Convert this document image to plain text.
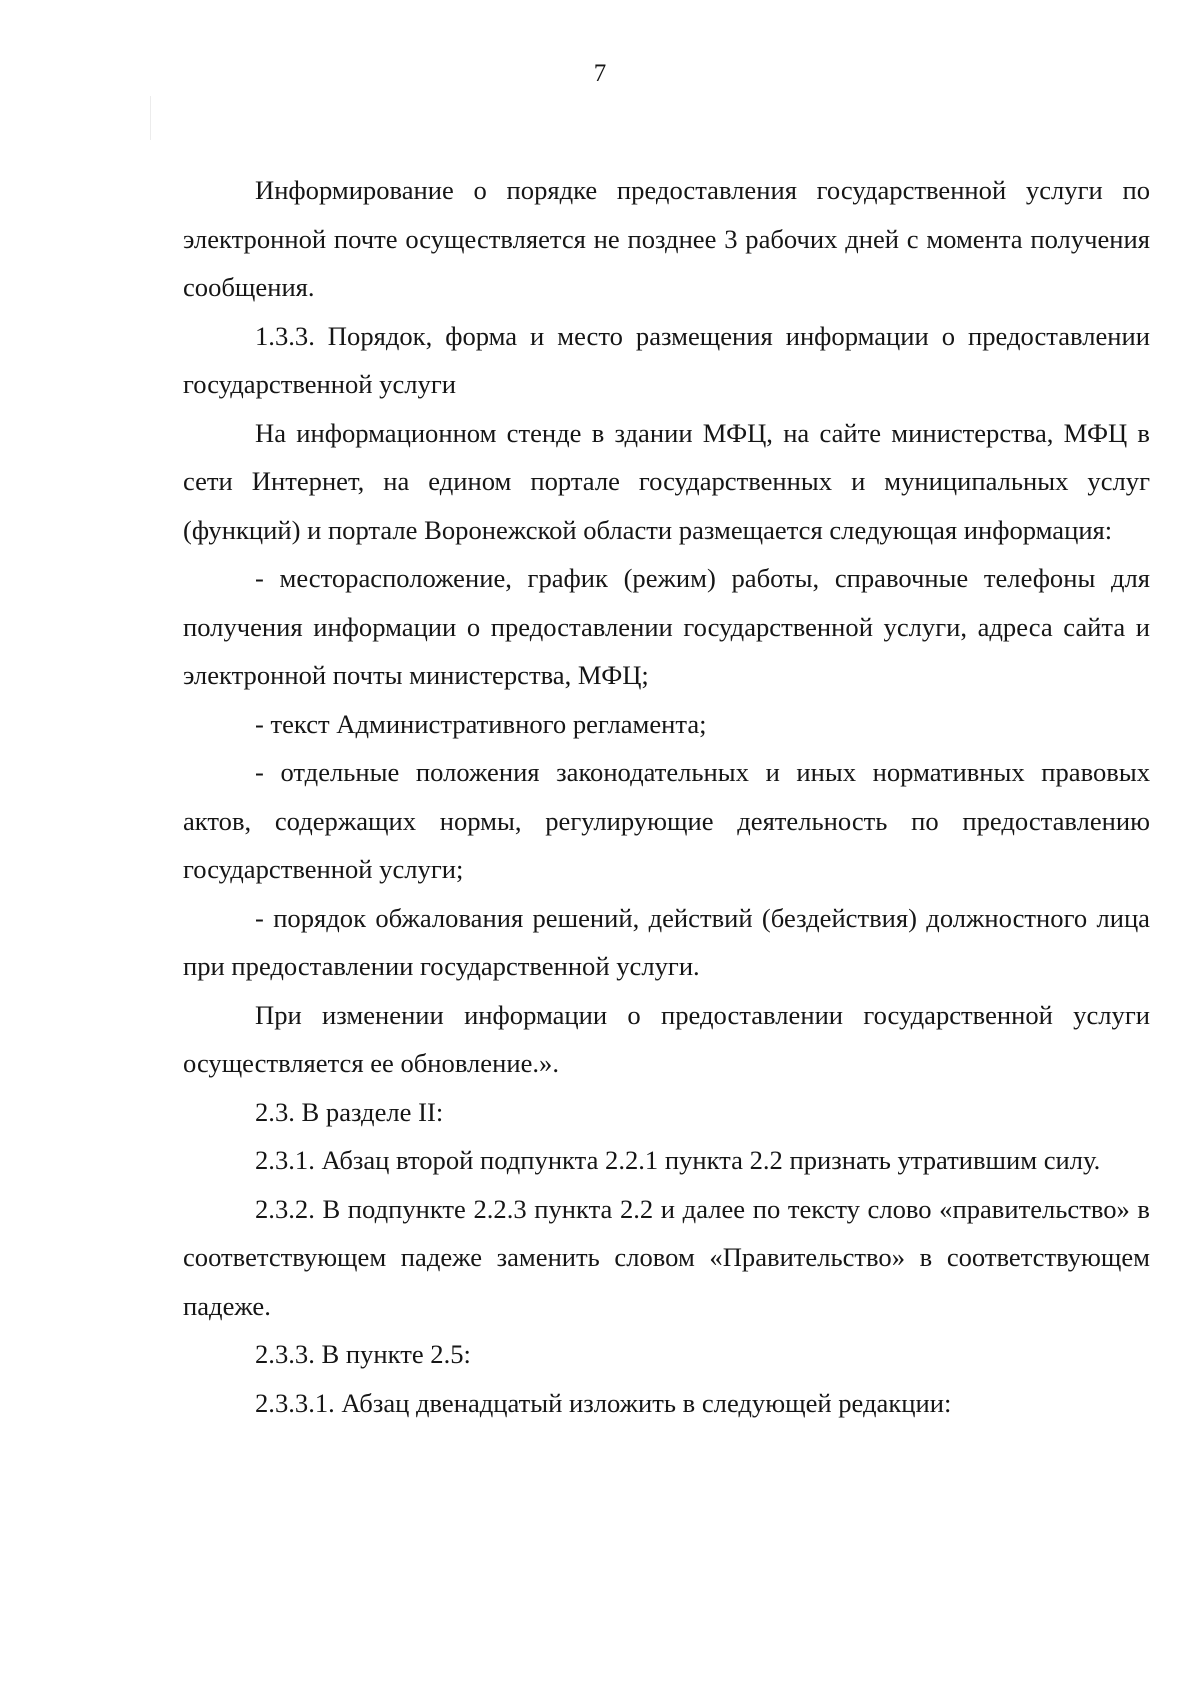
7

Информирование о порядке предоставления государственной услуги по электронной почте осуществляется не позднее 3 рабочих дней с момента получения сообщения.

1.3.3. Порядок, форма и место размещения информации о предоставлении государственной услуги

На информационном стенде в здании МФЦ, на сайте министерства, МФЦ в сети Интернет, на едином портале государственных и муниципальных услуг (функций) и портале Воронежской области размещается следующая информация:

- месторасположение, график (режим) работы, справочные телефоны для получения информации о предоставлении государственной услуги, адреса сайта и электронной почты министерства, МФЦ;

- текст Административного регламента;

- отдельные положения законодательных и иных нормативных правовых актов, содержащих нормы, регулирующие деятельность по предоставлению государственной услуги;

- порядок обжалования решений, действий (бездействия) должностного лица при предоставлении государственной услуги.

При изменении информации о предоставлении государственной услуги осуществляется ее обновление.».

2.3. В разделе II:

2.3.1. Абзац второй подпункта 2.2.1 пункта 2.2 признать утратившим силу.

2.3.2. В подпункте 2.2.3 пункта 2.2 и далее по тексту слово «правительство» в соответствующем падеже заменить словом «Правительство» в соответствующем падеже.

2.3.3. В пункте 2.5:

2.3.3.1. Абзац двенадцатый изложить в следующей редакции:
